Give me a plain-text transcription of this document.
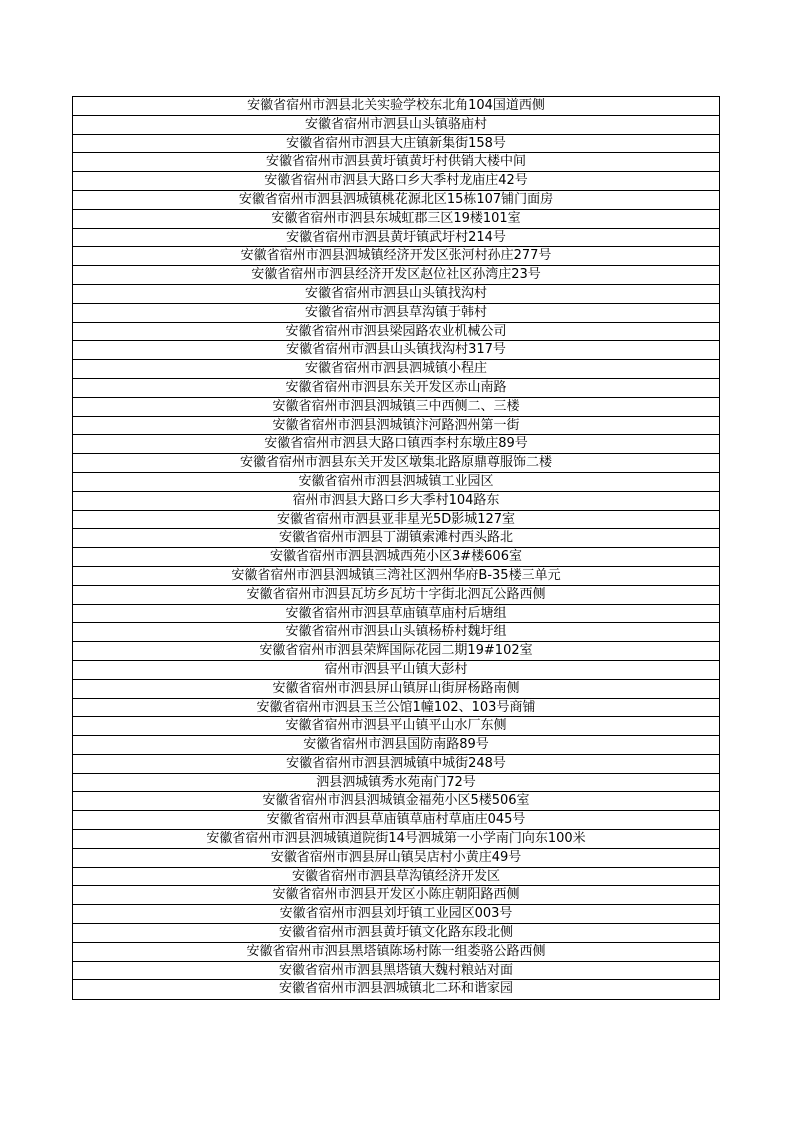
安徽省宿州市泗县北关实验学校东北角104国道西侧
安徽省宿州市泗县山头镇骆庙村
安徽省宿州市泗县大庄镇新集街158号
安徽省宿州市泗县黄圩镇黄圩村供销大楼中间
安徽省宿州市泗县大路口乡大季村龙庙庄42号
安徽省宿州市泗县泗城镇桃花源北区15栋107铺门面房
安徽省宿州市泗县东城虹郡三区19楼101室
安徽省宿州市泗县黄圩镇武圩村214号
安徽省宿州市泗县泗城镇经济开发区张河村孙庄277号
安徽省宿州市泗县经济开发区赵位社区孙湾庄23号
安徽省宿州市泗县山头镇找沟村
安徽省宿州市泗县草沟镇于韩村
安徽省宿州市泗县梁园路农业机械公司
安徽省宿州市泗县山头镇找沟村317号
安徽省宿州市泗县泗城镇小程庄
安徽省宿州市泗县东关开发区赤山南路
安徽省宿州市泗县泗城镇三中西侧二、三楼
安徽省宿州市泗县泗城镇汴河路泗州第一街
安徽省宿州市泗县大路口镇西李村东墩庄89号
安徽省宿州市泗县东关开发区墩集北路原鼎尊服饰二楼
安徽省宿州市泗县泗城镇工业园区
宿州市泗县大路口乡大季村104路东
安徽省宿州市泗县亚非星光5D影城127室
安徽省宿州市泗县丁湖镇索滩村西头路北
安徽省宿州市泗县泗城西苑小区3#楼606室
安徽省宿州市泗县泗城镇三湾社区泗州华府B-35楼三单元
安徽省宿州市泗县瓦坊乡瓦坊十字街北泗瓦公路西侧
安徽省宿州市泗县草庙镇草庙村后塘组
安徽省宿州市泗县山头镇杨桥村魏圩组
安徽省宿州市泗县荣辉国际花园二期19#102室
宿州市泗县平山镇大彭村
安徽省宿州市泗县屏山镇屏山街屏杨路南侧
安徽省宿州市泗县玉兰公馆1幢102、103号商铺
安徽省宿州市泗县平山镇平山水厂东侧
安徽省宿州市泗县国防南路89号
安徽省宿州市泗县泗城镇中城街248号
泗县泗城镇秀水苑南门72号
安徽省宿州市泗县泗城镇金福苑小区5楼506室
安徽省宿州市泗县草庙镇草庙村草庙庄045号
安徽省宿州市泗县泗城镇道院街14号泗城第一小学南门向东100米
安徽省宿州市泗县屏山镇吴店村小黄庄49号
安徽省宿州市泗县草沟镇经济开发区
安徽省宿州市泗县开发区小陈庄朝阳路西侧
安徽省宿州市泗县刘圩镇工业园区003号
安徽省宿州市泗县黄圩镇文化路东段北侧
安徽省宿州市泗县黑塔镇陈场村陈一组娄骆公路西侧
安徽省宿州市泗县黑塔镇大魏村粮站对面
安徽省宿州市泗县泗城镇北二环和谐家园
